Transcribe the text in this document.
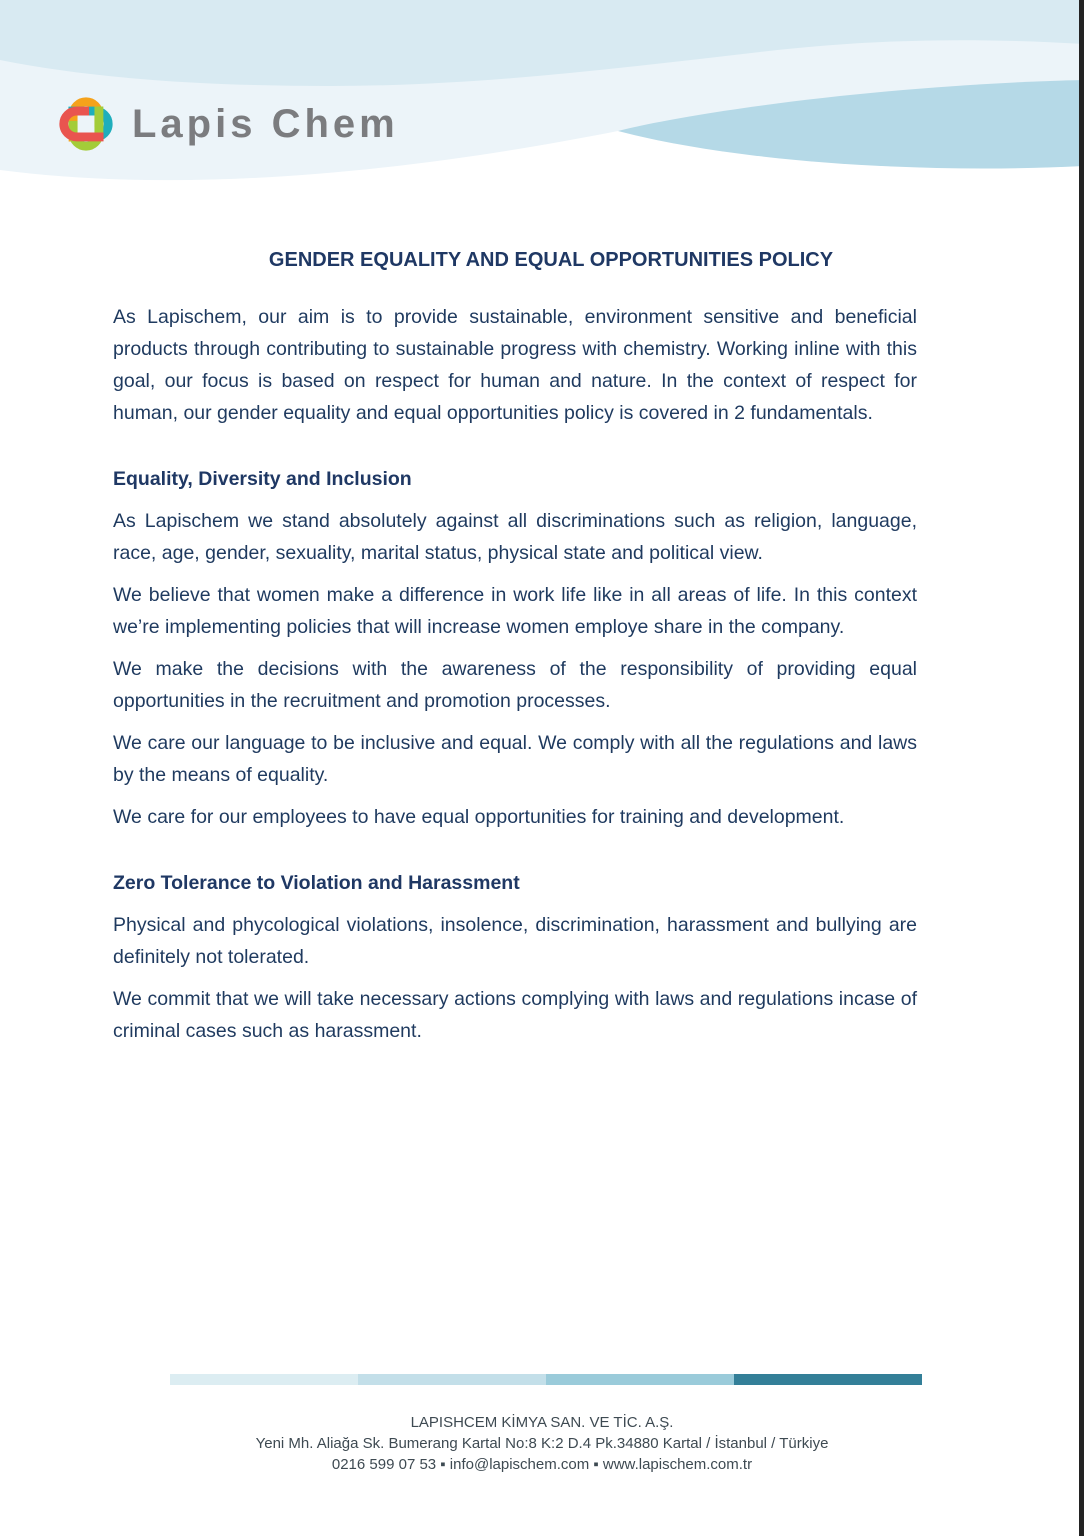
Lapis Chem
GENDER EQUALITY AND EQUAL OPPORTUNITIES POLICY

As Lapischem, our aim is to provide sustainable, environment sensitive and beneficial products through contributing to sustainable progress with chemistry. Working inline with this goal, our focus is based on respect for human and nature. In the context of respect for human, our gender equality and equal opportunities policy is covered in 2 fundamentals.

Equality, Diversity and Inclusion

As Lapischem we stand absolutely against all discriminations such as religion, language, race, age, gender, sexuality, marital status, physical state and political view.

We believe that women make a difference in work life like in all areas of life. In this context we’re implementing policies that will increase women employe share in the company.

We make the decisions with the awareness of the responsibility of providing equal opportunities in the recruitment and promotion processes.

We care our language to be inclusive and equal. We comply with all the regulations and laws by the means of equality.

We care for our employees to have equal opportunities for training and development.

Zero Tolerance to Violation and Harassment

Physical and phycological violations, insolence, discrimination, harassment and bullying are definitely not tolerated.

We commit that we will take necessary actions complying with laws and regulations incase of criminal cases such as harassment.

LAPISHCEM KİMYA SAN. VE TİC. A.Ş.
Yeni Mh. Aliağa Sk. Bumerang Kartal No:8 K:2 D.4 Pk.34880 Kartal / İstanbul / Türkiye
0216 599 07 53 ▪ info@lapischem.com ▪ www.lapischem.com.tr
